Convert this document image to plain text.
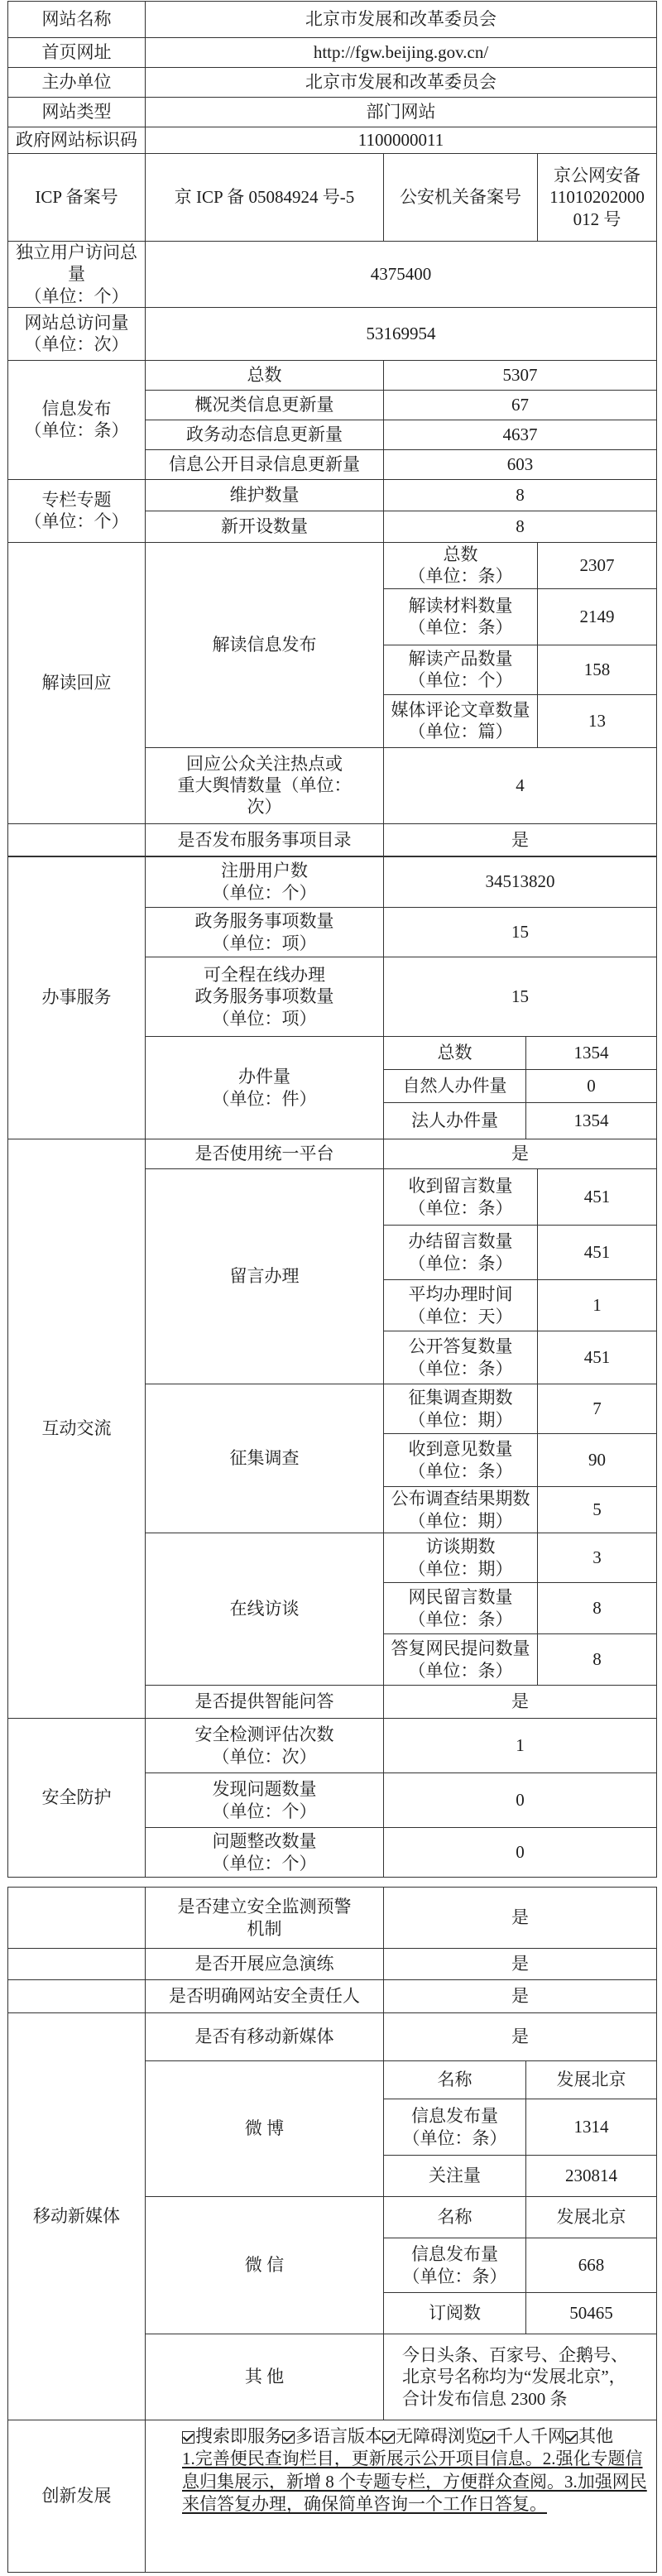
网站名称	北京市发展和改革委员会		
首页网址	http://fgw.beijing.gov.cn/		
主办单位	北京市发展和改革委员会		
网站类型	部门网站		
政府网站标识码	1100000011		
ICP 备案号	京 ICP 备 05084924 号-5	公安机关备案号	京公网安备
11010202000
012 号
独立用户访问总量
（单位：个）	4375400		
网站总访问量
（单位：次）	53169954		
信息发布
（单位：条）	总数	5307	
	概况类信息更新量	67	
	政务动态信息更新量	4637	
	信息公开目录信息更新量	603	
专栏专题
（单位：个）	维护数量	8	
	新开设数量	8	
解读回应	解读信息发布	总数
（单位：条）	2307
		解读材料数量
（单位：条）	2149
		解读产品数量
（单位：个）	158
		媒体评论文章数量
（单位：篇）	13
	回应公众关注热点或
重大舆情数量（单位：
次）	4	
	是否发布服务事项目录	是	
办事服务	注册用户数
（单位：个）	34513820		
	政务服务事项数量
（单位：项）	15		
	可全程在线办理
政务服务事项数量
（单位：项）	15		
	办件量
（单位：件）	总数	1354	
		自然人办件量	0	
		法人办件量	1354	
互动交流	是否使用统一平台	是		
	留言办理	收到留言数量
（单位：条）		451
		办结留言数量
（单位：条）		451
		平均办理时间
（单位：天）		1
		公开答复数量
（单位：条）		451
	征集调查	征集调查期数
（单位：期）		7
		收到意见数量
（单位：条）		90
		公布调查结果期数
（单位：期）		5
	在线访谈	访谈期数
（单位：期）		3
		网民留言数量
（单位：条）		8
		答复网民提问数量
（单位：条）		8
	是否提供智能问答	是		
安全防护	安全检测评估次数
（单位：次）	1		
	发现问题数量
（单位：个）	0		
	问题整改数量
（单位：个）	0		
	是否建立安全监测预警
机制	是	
	是否开展应急演练	是	
	是否明确网站安全责任人	是	
移动新媒体	是否有移动新媒体	是	
	微 博	名称	发展北京
		信息发布量
（单位：条）	1314
		关注量	230814
	微 信	名称	发展北京
		信息发布量
（单位：条）	668
		订阅数	50465
	其 他	今日头条、百家号、企鹅号、北京号名称均为“发展北京”，合计发布信息 2300 条	
创新发展	搜索即服务 多语言版本 无障碍浏览 千人千网 其他
1.完善便民查询栏目，更新展示公开项目信息。2.强化专题信息归集展示，新增 8 个专题专栏，方便群众查阅。3.加强网民来信答复办理，确保简单咨询一个工作日答复。		
